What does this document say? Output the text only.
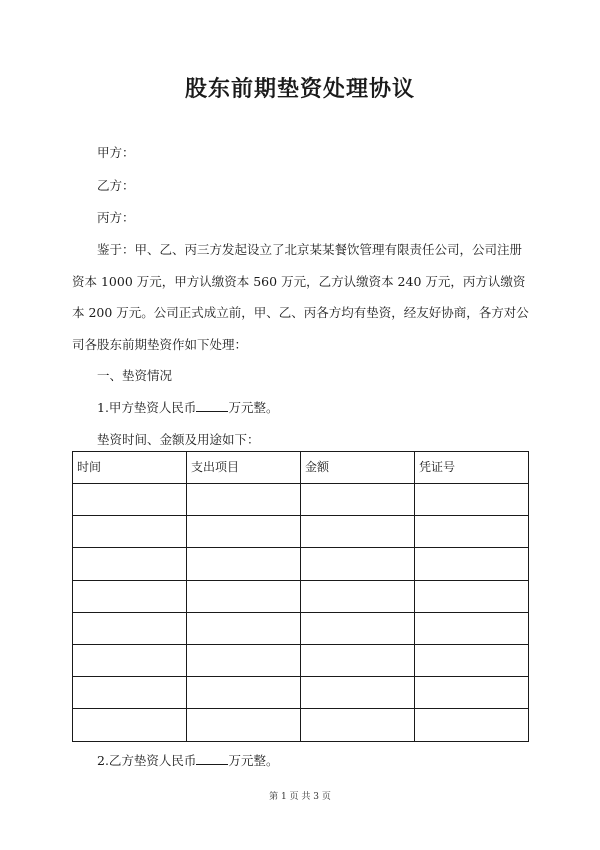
股东前期垫资处理协议
甲方：
乙方：
丙方：
鉴于：甲、乙、丙三方发起设立了北京某某餐饮管理有限责任公司，公司注册资本 1000 万元，甲方认缴资本 560 万元，乙方认缴资本 240 万元，丙方认缴资本 200 万元。公司正式成立前，甲、乙、丙各方均有垫资，经友好协商，各方对公司各股东前期垫资作如下处理：
一、垫资情况
1.甲方垫资人民币	万元整。
垫资时间、金额及用途如下：
时间	支出项目	金额	凭证号

2.乙方垫资人民币	万元整。
第 1 页 共 3 页
